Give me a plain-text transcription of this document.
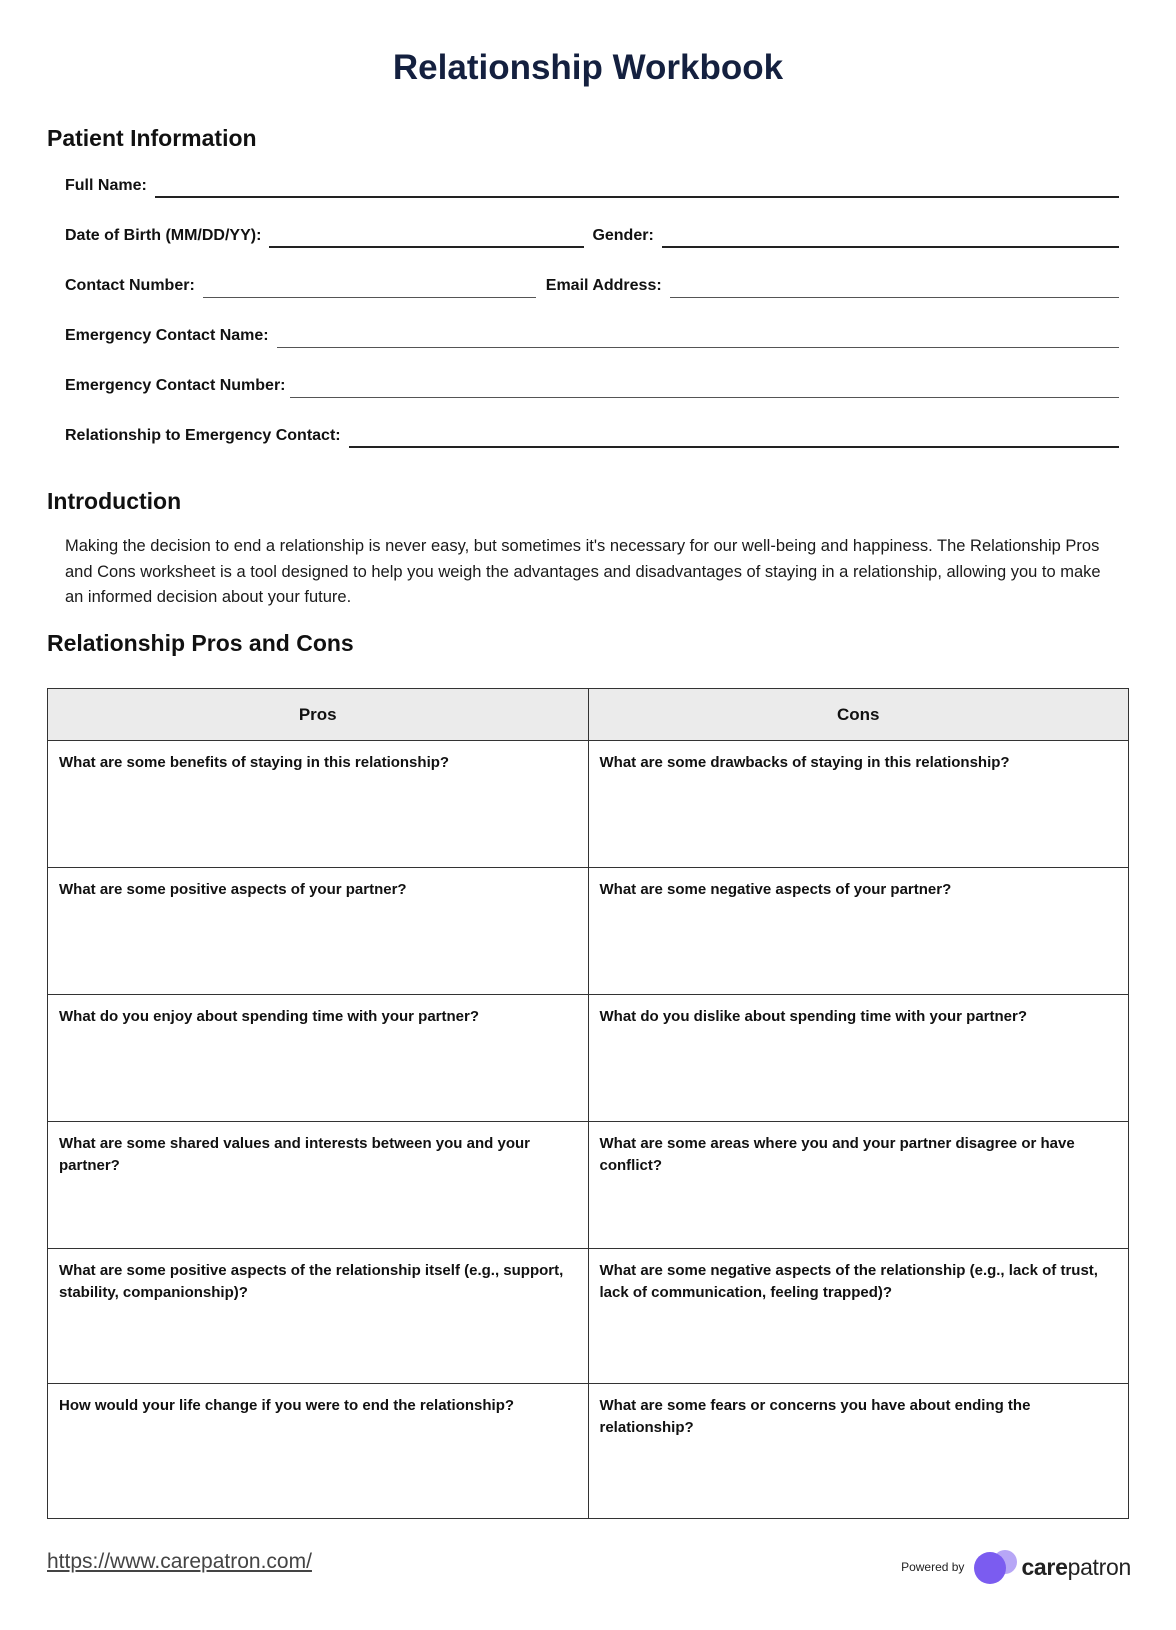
Relationship Workbook
Patient Information
Full Name:
Date of Birth (MM/DD/YY):	Gender:
Contact Number:	Email Address:
Emergency Contact Name:
Emergency Contact Number:
Relationship to Emergency Contact:
Introduction

Making the decision to end a relationship is never easy, but sometimes it's necessary for our well-being and happiness. The Relationship Pros and Cons worksheet is a tool designed to help you weigh the advantages and disadvantages of staying in a relationship, allowing you to make an informed decision about your future.

Relationship Pros and Cons
Pros	Cons
What are some benefits of staying in this relationship?	What are some drawbacks of staying in this relationship?
What are some positive aspects of your partner?	What are some negative aspects of your partner?
What do you enjoy about spending time with your partner?	What do you dislike about spending time with your partner?
What are some shared values and interests between you and your partner?	What are some areas where you and your partner disagree or have conflict?
What are some positive aspects of the relationship itself (e.g., support, stability, companionship)?	What are some negative aspects of the relationship (e.g., lack of trust, lack of communication, feeling trapped)?
How would your life change if you were to end the relationship?	What are some fears or concerns you have about ending the relationship?
https://www.carepatron.com/	Powered by carepatron
